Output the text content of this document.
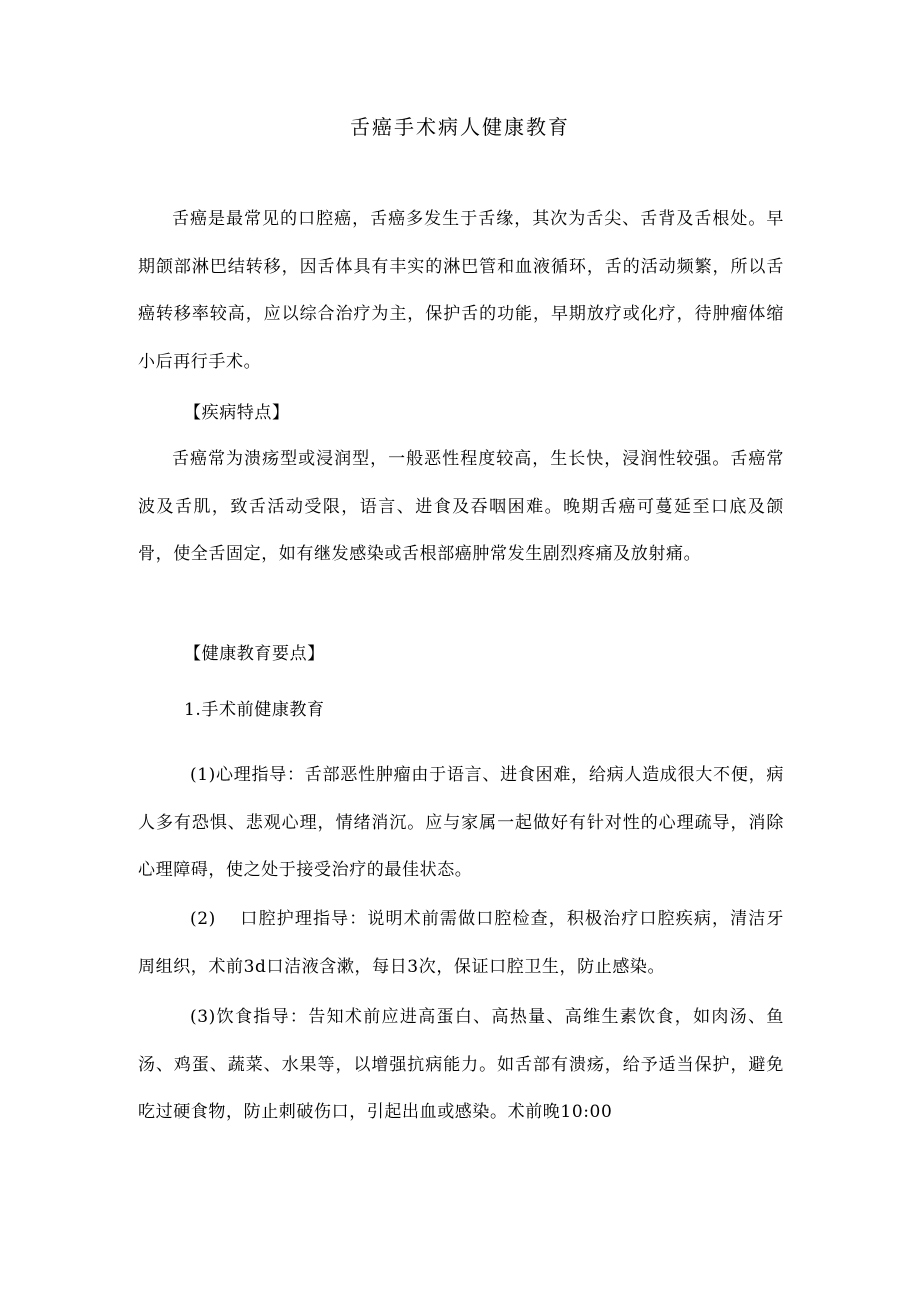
舌癌手术病人健康教育

舌癌是最常见的口腔癌，舌癌多发生于舌缘，其次为舌尖、舌背及舌根处。早期颌部淋巴结转移，因舌体具有丰实的淋巴管和血液循环，舌的活动频繁，所以舌癌转移率较高，应以综合治疗为主，保护舌的功能，早期放疗或化疗，待肿瘤体缩小后再行手术。

【疾病特点】

舌癌常为溃疡型或浸润型，一般恶性程度较高，生长快，浸润性较强。舌癌常波及舌肌，致舌活动受限，语言、进食及吞咽困难。晚期舌癌可蔓延至口底及颌骨，使全舌固定，如有继发感染或舌根部癌肿常发生剧烈疼痛及放射痛。

【健康教育要点】

1.手术前健康教育

(1)心理指导：舌部恶性肿瘤由于语言、进食困难，给病人造成很大不便，病人多有恐惧、悲观心理，情绪消沉。应与家属一起做好有针对性的心理疏导，消除心理障碍，使之处于接受治疗的最佳状态。

(2) 口腔护理指导：说明术前需做口腔检查，积极治疗口腔疾病，清洁牙周组织，术前3d口洁液含漱，每日3次，保证口腔卫生，防止感染。

(3)饮食指导：告知术前应进高蛋白、高热量、高维生素饮食，如肉汤、鱼汤、鸡蛋、蔬菜、水果等，以增强抗病能力。如舌部有溃疡，给予适当保护，避免吃过硬食物，防止刺破伤口，引起出血或感染。术前晚10:00
